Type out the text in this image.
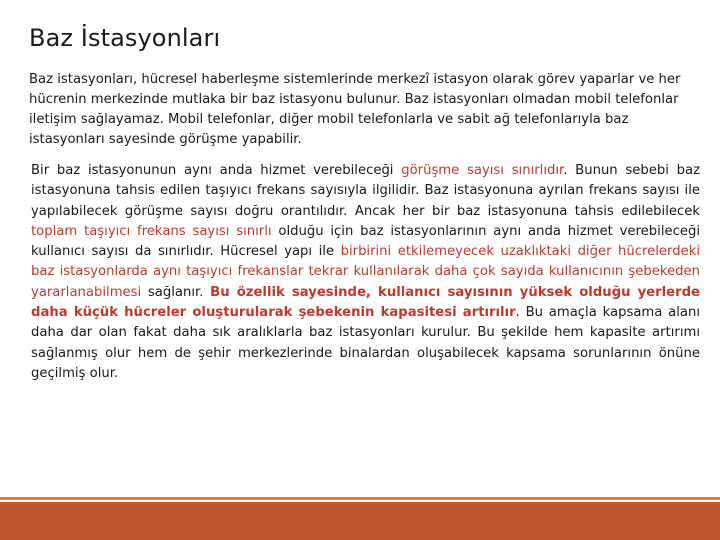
Baz İstasyonları

Baz istasyonları, hücresel haberleşme sistemlerinde merkezî istasyon olarak görev yaparlar ve her hücrenin merkezinde mutlaka bir baz istasyonu bulunur. Baz istasyonları olmadan mobil telefonlar iletişim sağlayamaz. Mobil telefonlar, diğer mobil telefonlarla ve sabit ağ telefonlarıyla baz istasyonları sayesinde görüşme yapabilir.

Bir baz istasyonunun aynı anda hizmet verebileceği görüşme sayısı sınırlıdır. Bunun sebebi baz istasyonuna tahsis edilen taşıyıcı frekans sayısıyla ilgilidir. Baz istasyonuna ayrılan frekans sayısı ile yapılabilecek görüşme sayısı doğru orantılıdır. Ancak her bir baz istasyonuna tahsis edilebilecek toplam taşıyıcı frekans sayısı sınırlı olduğu için baz istasyonlarının aynı anda hizmet verebileceği kullanıcı sayısı da sınırlıdır. Hücresel yapı ile birbirini etkilemeyecek uzaklıktaki diğer hücrelerdeki baz istasyonlarda aynı taşıyıcı frekanslar tekrar kullanılarak daha çok sayıda kullanıcının şebekeden yararlanabilmesi sağlanır. Bu özellik sayesinde, kullanıcı sayısının yüksek olduğu yerlerde daha küçük hücreler oluşturularak şebekenin kapasitesi artırılır. Bu amaçla kapsama alanı daha dar olan fakat daha sık aralıklarla baz istasyonları kurulur. Bu şekilde hem kapasite artırımı sağlanmış olur hem de şehir merkezlerinde binalardan oluşabilecek kapsama sorunlarının önüne geçilmiş olur.
